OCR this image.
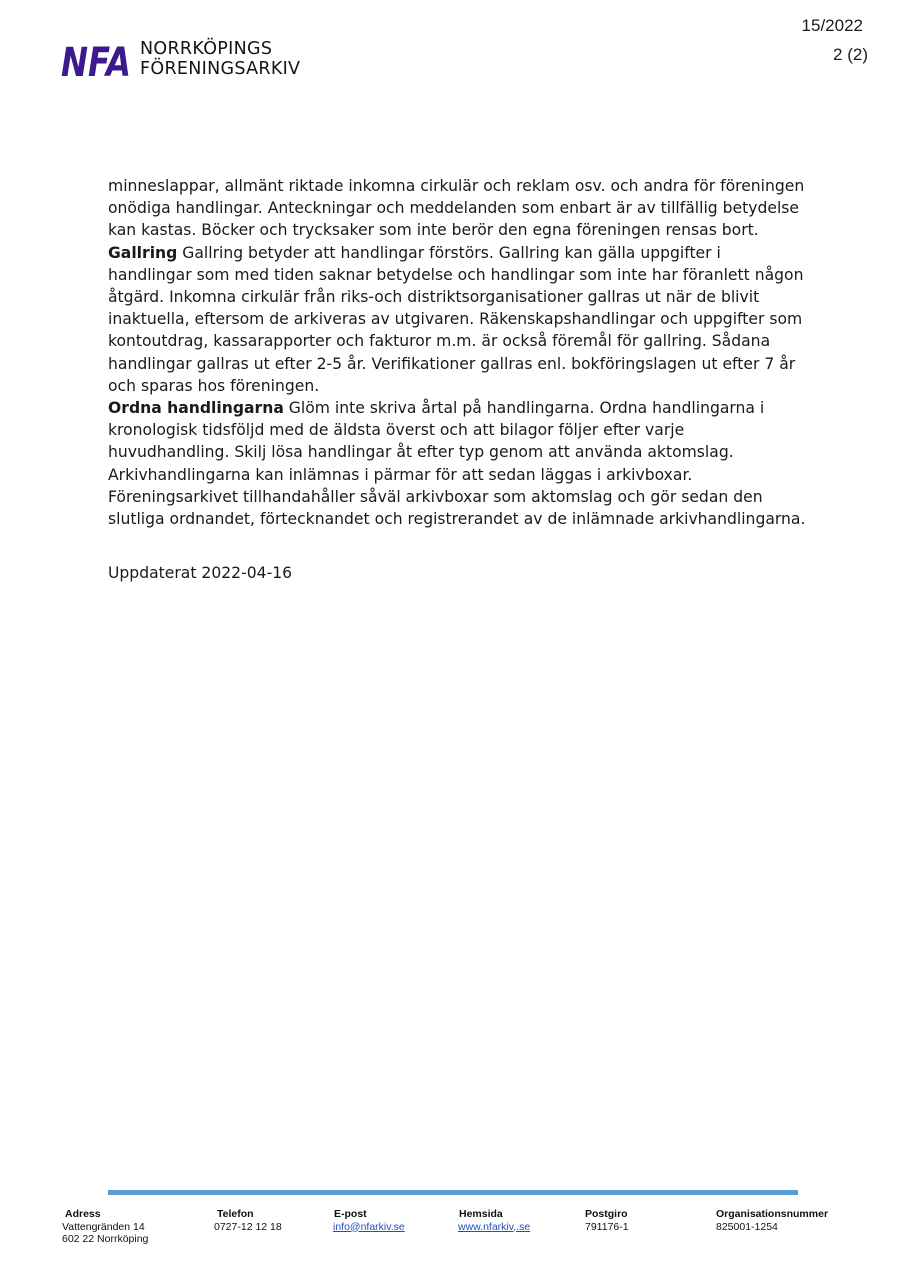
NFA NORRKÖPINGS
FÖRENINGSARKIV
15/2022
2 (2)

minneslappar, allmänt riktade inkomna cirkulär och reklam osv. och andra för föreningen onödiga handlingar. Anteckningar och meddelanden som enbart är av tillfällig betydelse kan kastas. Böcker och trycksaker som inte berör den egna föreningen rensas bort.

Gallring Gallring betyder att handlingar förstörs. Gallring kan gälla uppgifter i handlingar som med tiden saknar betydelse och handlingar som inte har föranlett någon åtgärd. Inkomna cirkulär från riks-och distriktsorganisationer gallras ut när de blivit inaktuella, eftersom de arkiveras av utgivaren. Räkenskapshandlingar och uppgifter som kontoutdrag, kassarapporter och fakturor m.m. är också föremål för gallring. Sådana handlingar gallras ut efter 2-5 år. Verifikationer gallras enl. bokföringslagen ut efter 7 år och sparas hos föreningen.

Ordna handlingarna Glöm inte skriva årtal på handlingarna. Ordna handlingarna i kronologisk tidsföljd med de äldsta överst och att bilagor följer efter varje huvudhandling. Skilj lösa handlingar åt efter typ genom att använda aktomslag. Arkivhandlingarna kan inlämnas i pärmar för att sedan läggas i arkivboxar. Föreningsarkivet tillhandahåller såväl arkivboxar som aktomslag och gör sedan den slutliga ordnandet, förtecknandet och registrerandet av de inlämnade arkivhandlingarna.

Uppdaterat 2022-04-16

Adress
Vattengränden 14
602 22 Norrköping
Telefon
0727-12 12 18
E-post
info@nfarkiv.se
Hemsida
www.nfarkiv,.se
Postgiro
791176-1
Organisationsnummer
825001-1254
